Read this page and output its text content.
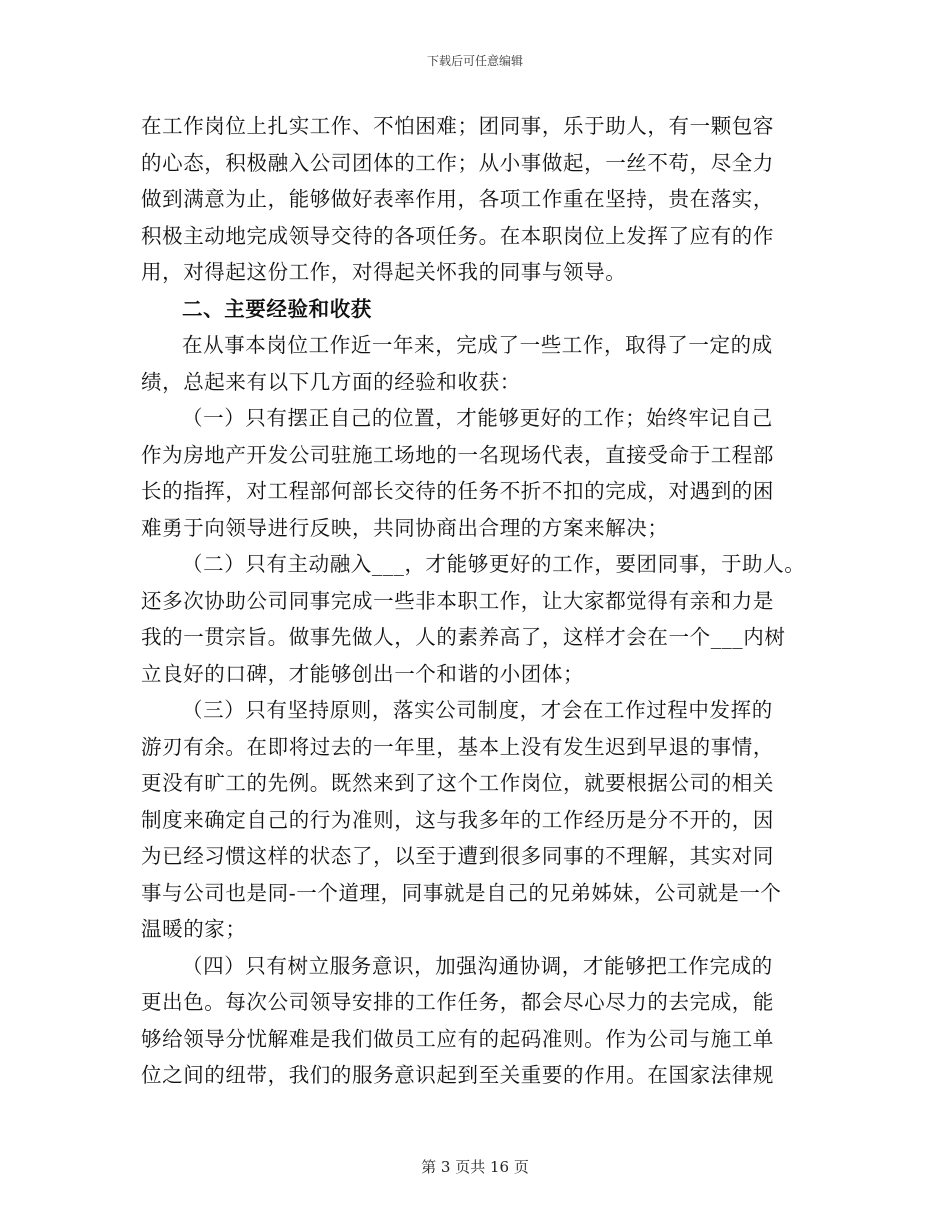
下载后可任意编辑
在工作岗位上扎实工作、不怕困难；团同事，乐于助人，有一颗包容
的心态，积极融入公司团体的工作；从小事做起，一丝不苟，尽全力
做到满意为止，能够做好表率作用，各项工作重在坚持，贵在落实，
积极主动地完成领导交待的各项任务。在本职岗位上发挥了应有的作
用，对得起这份工作，对得起关怀我的同事与领导。
二、主要经验和收获
在从事本岗位工作近一年来，完成了一些工作，取得了一定的成
绩，总起来有以下几方面的经验和收获：
（一）只有摆正自己的位置，才能够更好的工作；始终牢记自己
作为房地产开发公司驻施工场地的一名现场代表，直接受命于工程部
长的指挥，对工程部何部长交待的任务不折不扣的完成，对遇到的困
难勇于向领导进行反映，共同协商出合理的方案来解决；
（二）只有主动融入___，才能够更好的工作，要团同事，于助人。
还多次协助公司同事完成一些非本职工作，让大家都觉得有亲和力是
我的一贯宗旨。做事先做人，人的素养高了，这样才会在一个___内树
立良好的口碑，才能够创出一个和谐的小团体；
（三）只有坚持原则，落实公司制度，才会在工作过程中发挥的
游刃有余。在即将过去的一年里，基本上没有发生迟到早退的事情，
更没有旷工的先例。既然来到了这个工作岗位，就要根据公司的相关
制度来确定自己的行为准则，这与我多年的工作经历是分不开的，因
为已经习惯这样的状态了，以至于遭到很多同事的不理解，其实对同
事与公司也是同-一个道理，同事就是自己的兄弟姊妹，公司就是一个
温暖的家；
（四）只有树立服务意识，加强沟通协调，才能够把工作完成的
更出色。每次公司领导安排的工作任务，都会尽心尽力的去完成，能
够给领导分忧解难是我们做员工应有的起码准则。作为公司与施工单
位之间的纽带，我们的服务意识起到至关重要的作用。在国家法律规
第 3 页共 16 页
